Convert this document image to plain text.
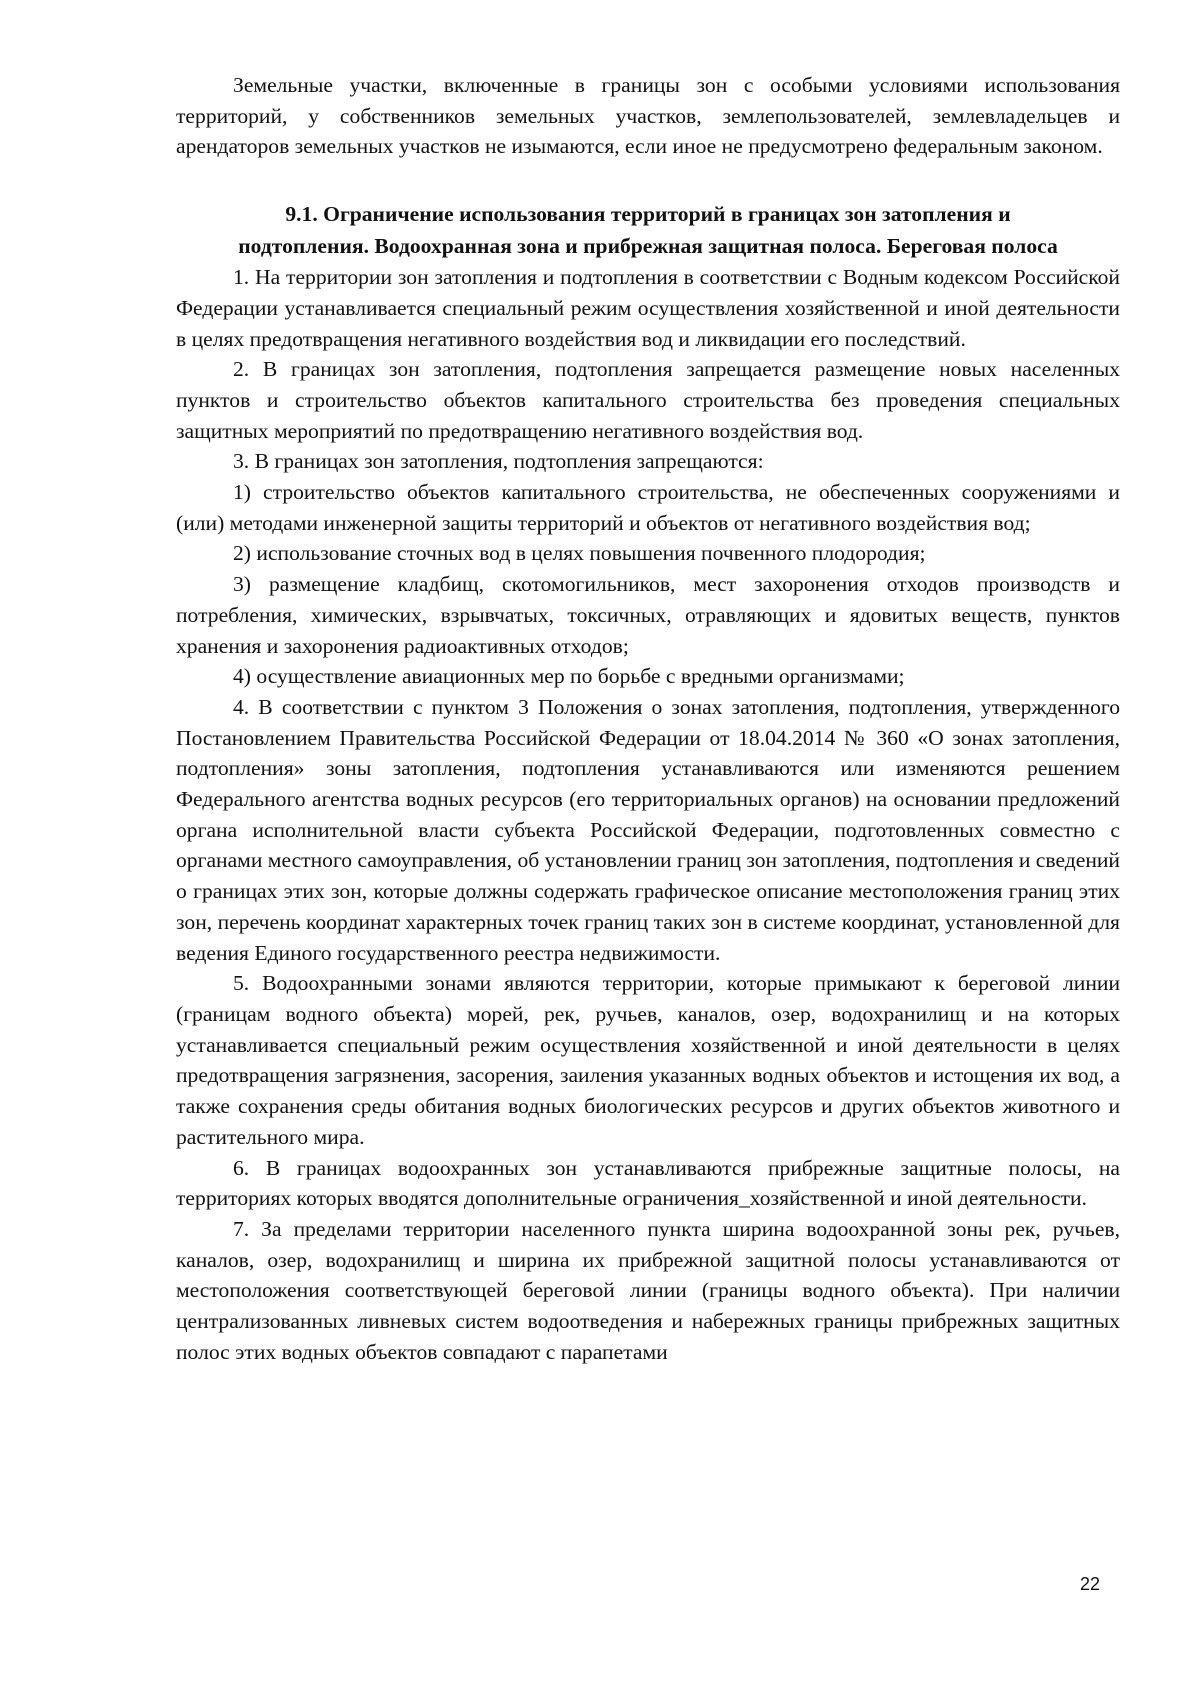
Земельные участки, включенные в границы зон с особыми условиями использования территорий, у собственников земельных участков, землепользователей, землевладельцев и арендаторов земельных участков не изымаются, если иное не предусмотрено федеральным законом.

9.1. Ограничение использования территорий в границах зон затопления и
подтопления. Водоохранная зона и прибрежная защитная полоса. Береговая полоса

1. На территории зон затопления и подтопления в соответствии с Водным кодексом Российской Федерации устанавливается специальный режим осуществления хозяйственной и иной деятельности в целях предотвращения негативного воздействия вод и ликвидации его последствий.

2. В границах зон затопления, подтопления запрещается размещение новых населенных пунктов и строительство объектов капитального строительства без проведения специальных защитных мероприятий по предотвращению негативного воздействия вод.

3. В границах зон затопления, подтопления запрещаются:

1) строительство объектов капитального строительства, не обеспеченных сооружениями и (или) методами инженерной защиты территорий и объектов от негативного воздействия вод;

2) использование сточных вод в целях повышения почвенного плодородия;

3) размещение кладбищ, скотомогильников, мест захоронения отходов производств и потребления, химических, взрывчатых, токсичных, отравляющих и ядовитых веществ, пунктов хранения и захоронения радиоактивных отходов;

4) осуществление авиационных мер по борьбе с вредными организмами;

4. В соответствии с пунктом 3 Положения о зонах затопления, подтопления, утвержденного Постановлением Правительства Российской Федерации от 18.04.2014 № 360 «О зонах затопления, подтопления» зоны затопления, подтопления устанавливаются или изменяются решением Федерального агентства водных ресурсов (его территориальных органов) на основании предложений органа исполнительной власти субъекта Российской Федерации, подготовленных совместно с органами местного самоуправления, об установлении границ зон затопления, подтопления и сведений о границах этих зон, которые должны содержать графическое описание местоположения границ этих зон, перечень координат характерных точек границ таких зон в системе координат, установленной для ведения Единого государственного реестра недвижимости.

5. Водоохранными зонами являются территории, которые примыкают к береговой линии (границам водного объекта) морей, рек, ручьев, каналов, озер, водохранилищ и на которых устанавливается специальный режим осуществления хозяйственной и иной деятельности в целях предотвращения загрязнения, засорения, заиления указанных водных объектов и истощения их вод, а также сохранения среды обитания водных биологических ресурсов и других объектов животного и растительного мира.

6. В границах водоохранных зон устанавливаются прибрежные защитные полосы, на территориях которых вводятся дополнительные ограничения_хозяйственной и иной деятельности.

7. За пределами территории населенного пункта ширина водоохранной зоны рек, ручьев, каналов, озер, водохранилищ и ширина их прибрежной защитной полосы устанавливаются от местоположения соответствующей береговой линии (границы водного объекта). При наличии централизованных ливневых систем водоотведения и набережных границы прибрежных защитных полос этих водных объектов совпадают с парапетами

22
